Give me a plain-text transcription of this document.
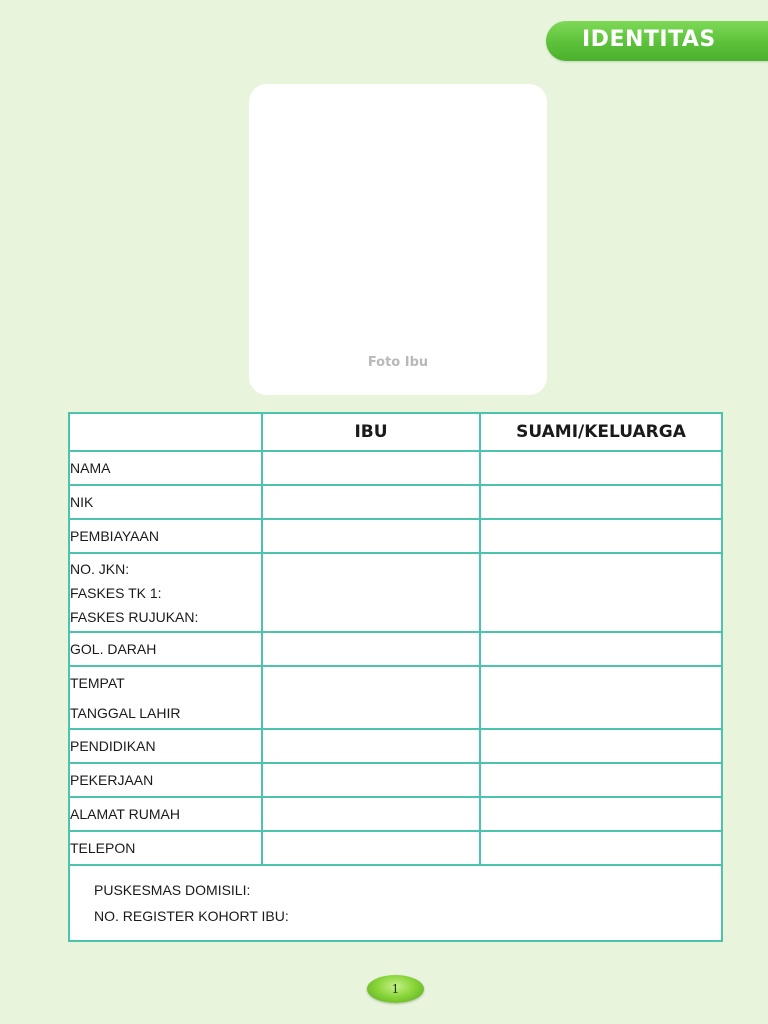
IDENTITAS
Foto Ibu
	IBU	SUAMI/KELUARGA

NAMA		

NIK		

PEMBIAYAAN		

NO. JKN:
FASKES TK 1:
FASKES RUJUKAN:		

GOL. DARAH		

TEMPAT
TANGGAL LAHIR		

PENDIDIKAN		

PEKERJAAN		

ALAMAT RUMAH		

TELEPON		

PUSKESMAS DOMISILI:
NO. REGISTER KOHORT IBU:		
1
